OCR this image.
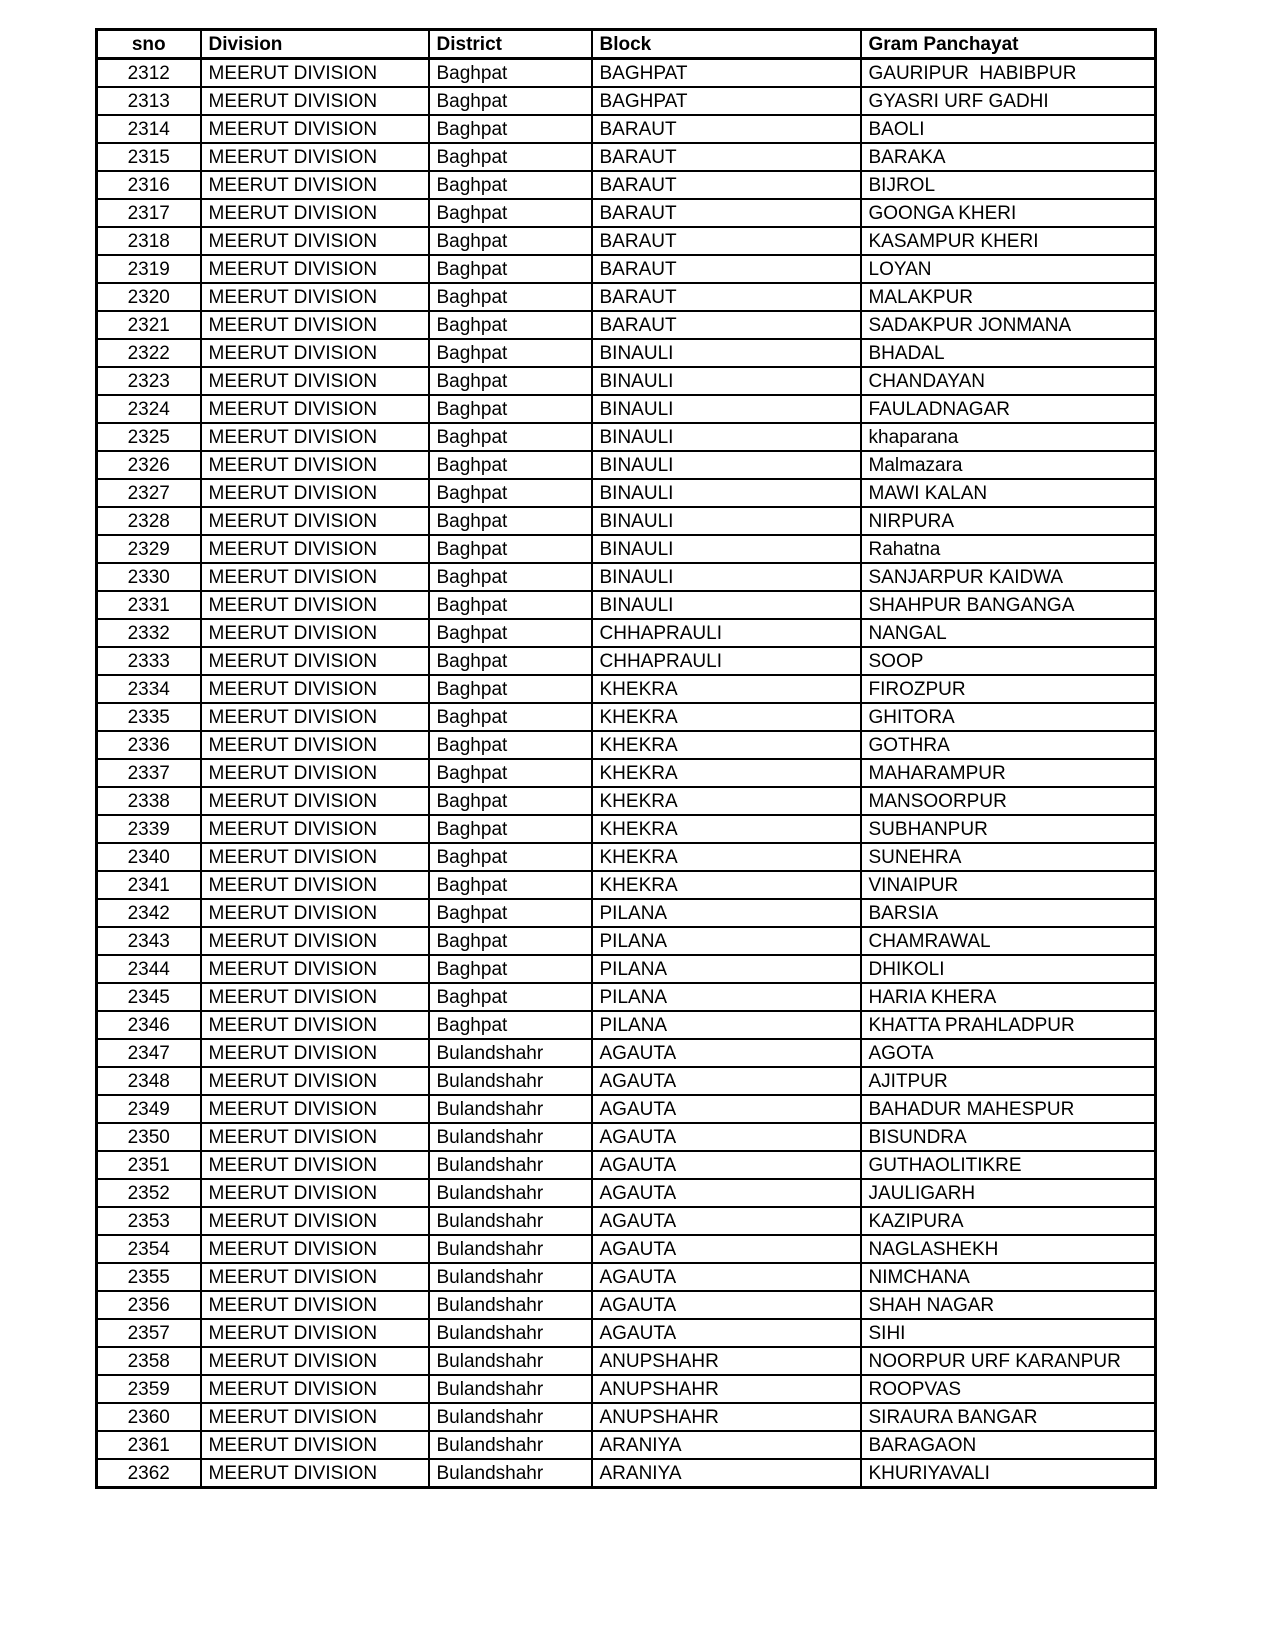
sno	Division	District	Block	Gram Panchayat
2312	MEERUT DIVISION	Baghpat	BAGHPAT	GAURIPUR  HABIBPUR
2313	MEERUT DIVISION	Baghpat	BAGHPAT	GYASRI URF GADHI
2314	MEERUT DIVISION	Baghpat	BARAUT	BAOLI
2315	MEERUT DIVISION	Baghpat	BARAUT	BARAKA
2316	MEERUT DIVISION	Baghpat	BARAUT	BIJROL
2317	MEERUT DIVISION	Baghpat	BARAUT	GOONGA KHERI
2318	MEERUT DIVISION	Baghpat	BARAUT	KASAMPUR KHERI
2319	MEERUT DIVISION	Baghpat	BARAUT	LOYAN
2320	MEERUT DIVISION	Baghpat	BARAUT	MALAKPUR
2321	MEERUT DIVISION	Baghpat	BARAUT	SADAKPUR JONMANA
2322	MEERUT DIVISION	Baghpat	BINAULI	BHADAL
2323	MEERUT DIVISION	Baghpat	BINAULI	CHANDAYAN
2324	MEERUT DIVISION	Baghpat	BINAULI	FAULADNAGAR
2325	MEERUT DIVISION	Baghpat	BINAULI	khaparana
2326	MEERUT DIVISION	Baghpat	BINAULI	Malmazara
2327	MEERUT DIVISION	Baghpat	BINAULI	MAWI KALAN
2328	MEERUT DIVISION	Baghpat	BINAULI	NIRPURA
2329	MEERUT DIVISION	Baghpat	BINAULI	Rahatna
2330	MEERUT DIVISION	Baghpat	BINAULI	SANJARPUR KAIDWA
2331	MEERUT DIVISION	Baghpat	BINAULI	SHAHPUR BANGANGA
2332	MEERUT DIVISION	Baghpat	CHHAPRAULI	NANGAL
2333	MEERUT DIVISION	Baghpat	CHHAPRAULI	SOOP
2334	MEERUT DIVISION	Baghpat	KHEKRA	FIROZPUR
2335	MEERUT DIVISION	Baghpat	KHEKRA	GHITORA
2336	MEERUT DIVISION	Baghpat	KHEKRA	GOTHRA
2337	MEERUT DIVISION	Baghpat	KHEKRA	MAHARAMPUR
2338	MEERUT DIVISION	Baghpat	KHEKRA	MANSOORPUR
2339	MEERUT DIVISION	Baghpat	KHEKRA	SUBHANPUR
2340	MEERUT DIVISION	Baghpat	KHEKRA	SUNEHRA
2341	MEERUT DIVISION	Baghpat	KHEKRA	VINAIPUR
2342	MEERUT DIVISION	Baghpat	PILANA	BARSIA
2343	MEERUT DIVISION	Baghpat	PILANA	CHAMRAWAL
2344	MEERUT DIVISION	Baghpat	PILANA	DHIKOLI
2345	MEERUT DIVISION	Baghpat	PILANA	HARIA KHERA
2346	MEERUT DIVISION	Baghpat	PILANA	KHATTA PRAHLADPUR
2347	MEERUT DIVISION	Bulandshahr	AGAUTA	AGOTA
2348	MEERUT DIVISION	Bulandshahr	AGAUTA	AJITPUR
2349	MEERUT DIVISION	Bulandshahr	AGAUTA	BAHADUR MAHESPUR
2350	MEERUT DIVISION	Bulandshahr	AGAUTA	BISUNDRA
2351	MEERUT DIVISION	Bulandshahr	AGAUTA	GUTHAOLITIKRE
2352	MEERUT DIVISION	Bulandshahr	AGAUTA	JAULIGARH
2353	MEERUT DIVISION	Bulandshahr	AGAUTA	KAZIPURA
2354	MEERUT DIVISION	Bulandshahr	AGAUTA	NAGLASHEKH
2355	MEERUT DIVISION	Bulandshahr	AGAUTA	NIMCHANA
2356	MEERUT DIVISION	Bulandshahr	AGAUTA	SHAH NAGAR
2357	MEERUT DIVISION	Bulandshahr	AGAUTA	SIHI
2358	MEERUT DIVISION	Bulandshahr	ANUPSHAHR	NOORPUR URF KARANPUR
2359	MEERUT DIVISION	Bulandshahr	ANUPSHAHR	ROOPVAS
2360	MEERUT DIVISION	Bulandshahr	ANUPSHAHR	SIRAURA BANGAR
2361	MEERUT DIVISION	Bulandshahr	ARANIYA	BARAGAON
2362	MEERUT DIVISION	Bulandshahr	ARANIYA	KHURIYAVALI
